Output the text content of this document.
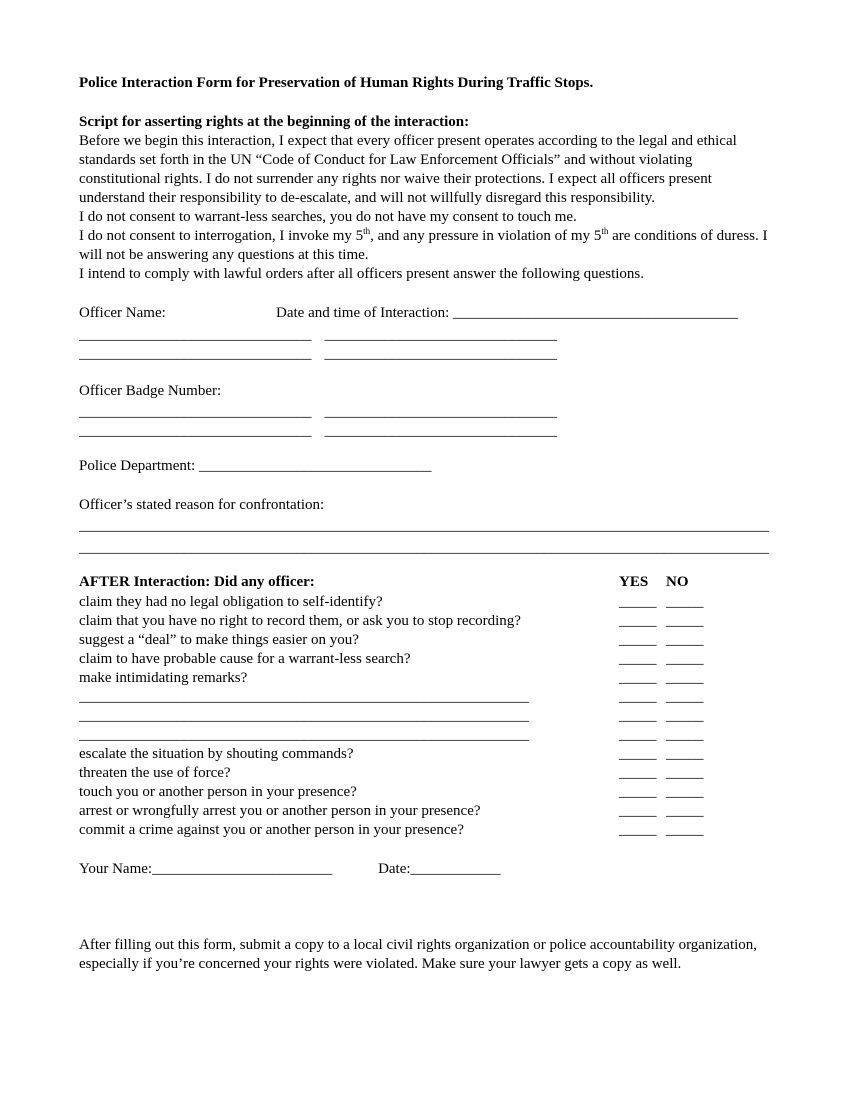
Police Interaction Form for Preservation of Human Rights During Traffic Stops.
Script for asserting rights at the beginning of the interaction:

Before we begin this interaction, I expect that every officer present operates according to the legal and ethical standards set forth in the UN “Code of Conduct for Law Enforcement Officials” and without violating constitutional rights. I do not surrender any rights nor waive their protections. I expect all officers present understand their responsibility to de-escalate, and will not willfully disregard this responsibility.

I do not consent to warrant-less searches, you do not have my consent to touch me.

I do not consent to interrogation, I invoke my 5th, and any pressure in violation of my 5th are conditions of duress. I will not be answering any questions at this time.

I intend to comply with lawful orders after all officers present answer the following questions.

Officer Name:	Date and time of Interaction: ______________________________________
_______________________________ _______________________________
_______________________________ _______________________________
Officer Badge Number:
_______________________________ _______________________________
_______________________________ _______________________________
Police Department: _______________________________
Officer’s stated reason for confrontation:
____________________________________________________________________________________________
____________________________________________________________________________________________
AFTER Interaction: Did any officer:	YES	NO
claim they had no legal obligation to self-identify?	_____ _____
claim that you have no right to record them, or ask you to stop recording?	_____ _____
suggest a “deal” to make things easier on you?	_____ _____
claim to have probable cause for a warrant-less search?	_____ _____
make intimidating remarks?	_____ _____
____________________________________________________________	_____ _____
____________________________________________________________	_____ _____
____________________________________________________________	_____ _____
escalate the situation by shouting commands?	_____ _____
threaten the use of force?	_____ _____
touch you or another person in your presence?	_____ _____
arrest or wrongfully arrest you or another person in your presence?	_____ _____
commit a crime against you or another person in your presence?	_____ _____
Your Name:________________________	Date:____________

After filling out this form, submit a copy to a local civil rights organization or police accountability organization, especially if you’re concerned your rights were violated. Make sure your lawyer gets a copy as well.
